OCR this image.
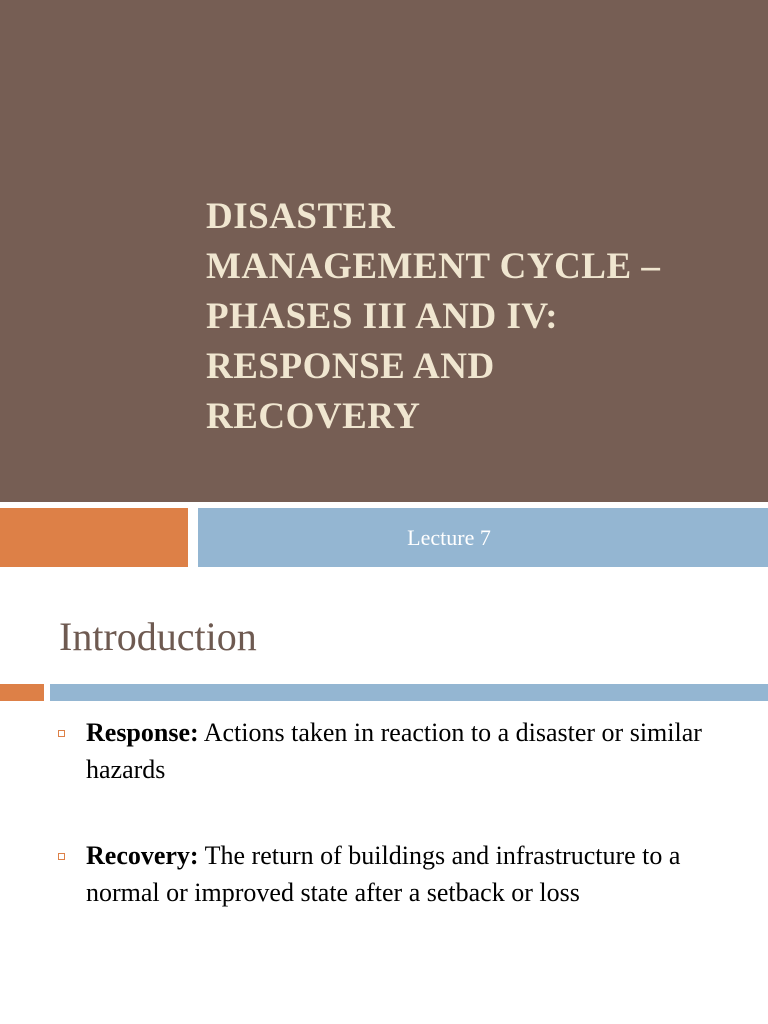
DISASTER
MANAGEMENT CYCLE –
PHASES III AND IV:
RESPONSE AND
RECOVERY
Lecture 7
Introduction
Response: Actions taken in reaction to a disaster or similar hazards
Recovery: The return of buildings and infrastructure to a normal or improved state after a setback or loss
